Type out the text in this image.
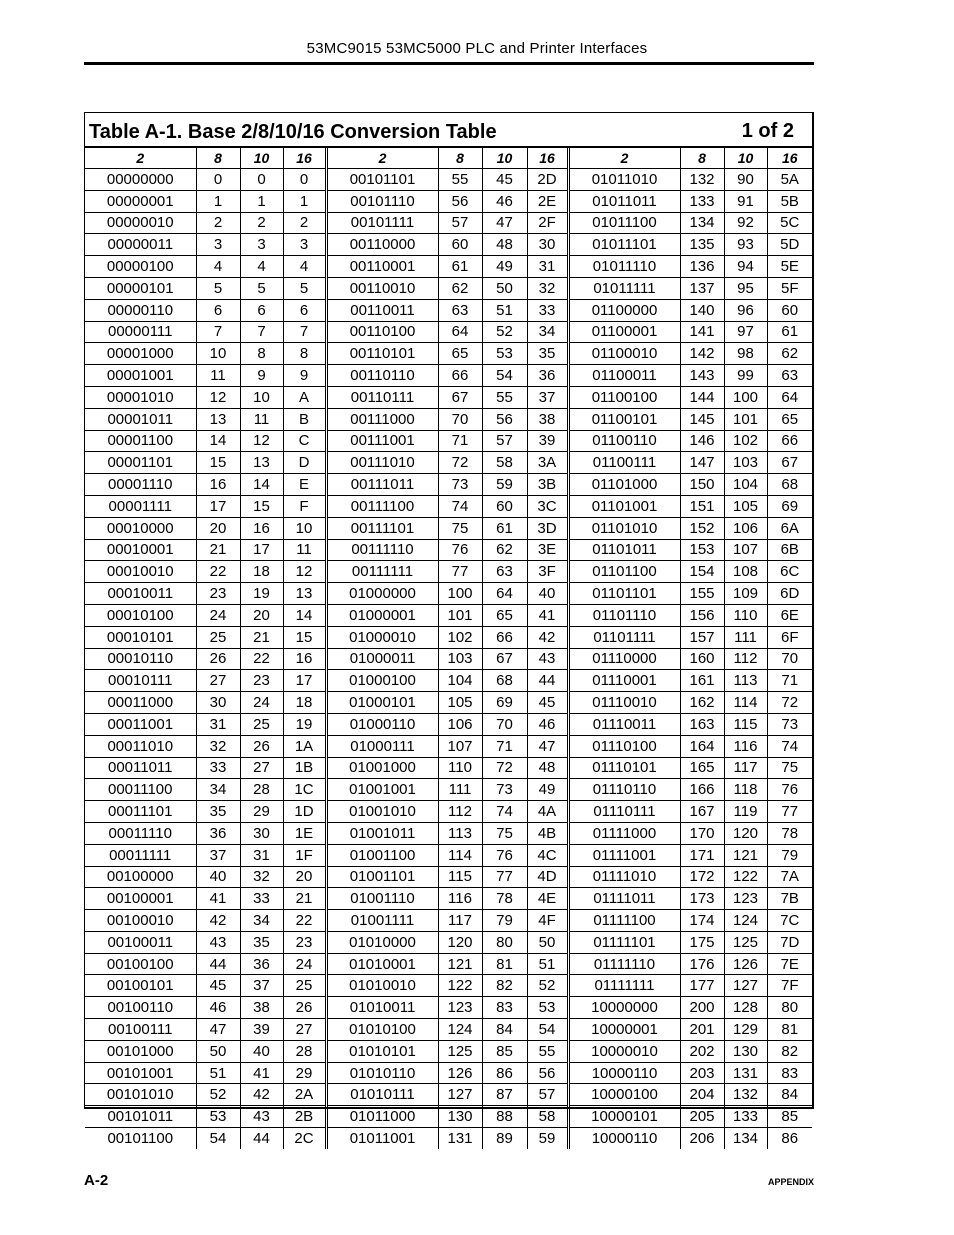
53MC9015 53MC5000 PLC and Printer Interfaces
Table A-1. Base 2/8/10/16 Conversion Table	1 of 2
2	8	10	16	2	8	10	16	2	8	10	16
00000000	0	0	0	00101101	55	45	2D	01011010	132	90	5A
00000001	1	1	1	00101110	56	46	2E	01011011	133	91	5B
00000010	2	2	2	00101111	57	47	2F	01011100	134	92	5C
00000011	3	3	3	00110000	60	48	30	01011101	135	93	5D
00000100	4	4	4	00110001	61	49	31	01011110	136	94	5E
00000101	5	5	5	00110010	62	50	32	01011111	137	95	5F
00000110	6	6	6	00110011	63	51	33	01100000	140	96	60
00000111	7	7	7	00110100	64	52	34	01100001	141	97	61
00001000	10	8	8	00110101	65	53	35	01100010	142	98	62
00001001	11	9	9	00110110	66	54	36	01100011	143	99	63
00001010	12	10	A	00110111	67	55	37	01100100	144	100	64
00001011	13	11	B	00111000	70	56	38	01100101	145	101	65
00001100	14	12	C	00111001	71	57	39	01100110	146	102	66
00001101	15	13	D	00111010	72	58	3A	01100111	147	103	67
00001110	16	14	E	00111011	73	59	3B	01101000	150	104	68
00001111	17	15	F	00111100	74	60	3C	01101001	151	105	69
00010000	20	16	10	00111101	75	61	3D	01101010	152	106	6A
00010001	21	17	11	00111110	76	62	3E	01101011	153	107	6B
00010010	22	18	12	00111111	77	63	3F	01101100	154	108	6C
00010011	23	19	13	01000000	100	64	40	01101101	155	109	6D
00010100	24	20	14	01000001	101	65	41	01101110	156	110	6E
00010101	25	21	15	01000010	102	66	42	01101111	157	111	6F
00010110	26	22	16	01000011	103	67	43	01110000	160	112	70
00010111	27	23	17	01000100	104	68	44	01110001	161	113	71
00011000	30	24	18	01000101	105	69	45	01110010	162	114	72
00011001	31	25	19	01000110	106	70	46	01110011	163	115	73
00011010	32	26	1A	01000111	107	71	47	01110100	164	116	74
00011011	33	27	1B	01001000	110	72	48	01110101	165	117	75
00011100	34	28	1C	01001001	111	73	49	01110110	166	118	76
00011101	35	29	1D	01001010	112	74	4A	01110111	167	119	77
00011110	36	30	1E	01001011	113	75	4B	01111000	170	120	78
00011111	37	31	1F	01001100	114	76	4C	01111001	171	121	79
00100000	40	32	20	01001101	115	77	4D	01111010	172	122	7A
00100001	41	33	21	01001110	116	78	4E	01111011	173	123	7B
00100010	42	34	22	01001111	117	79	4F	01111100	174	124	7C
00100011	43	35	23	01010000	120	80	50	01111101	175	125	7D
00100100	44	36	24	01010001	121	81	51	01111110	176	126	7E
00100101	45	37	25	01010010	122	82	52	01111111	177	127	7F
00100110	46	38	26	01010011	123	83	53	10000000	200	128	80
00100111	47	39	27	01010100	124	84	54	10000001	201	129	81
00101000	50	40	28	01010101	125	85	55	10000010	202	130	82
00101001	51	41	29	01010110	126	86	56	10000110	203	131	83
00101010	52	42	2A	01010111	127	87	57	10000100	204	132	84
00101011	53	43	2B	01011000	130	88	58	10000101	205	133	85
00101100	54	44	2C	01011001	131	89	59	10000110	206	134	86
A-2	APPENDIX
